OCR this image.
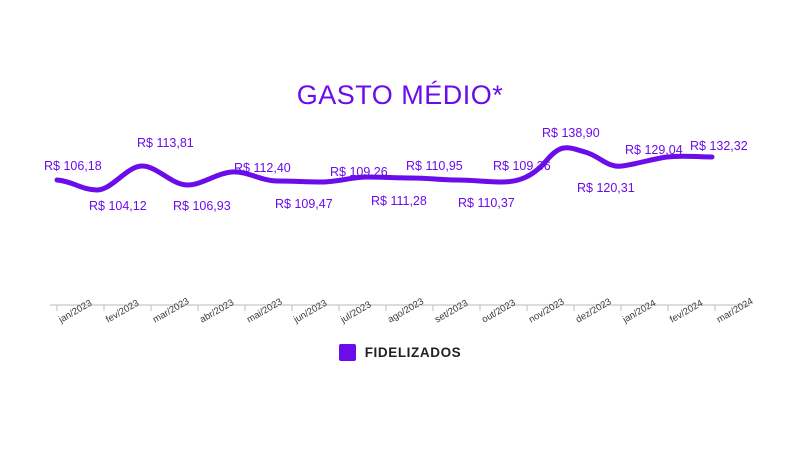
GASTO MÉDIO*
R$ 106,18
R$ 104,12
R$ 113,81
R$ 106,93
R$ 112,40
R$ 109,47
R$ 109,26
R$ 111,28
R$ 110,95
R$ 110,37
R$ 109,36
R$ 138,90
R$ 120,31
R$ 129,04 R$ 132,32
jan/2023 fev/2023 mar/2023 abr/2023 mai/2023 jun/2023 jul/2023 ago/2023 set/2023 out/2023 nov/2023 dez/2023 jan/2024 fev/2024 mar/2024
FIDELIZADOS
